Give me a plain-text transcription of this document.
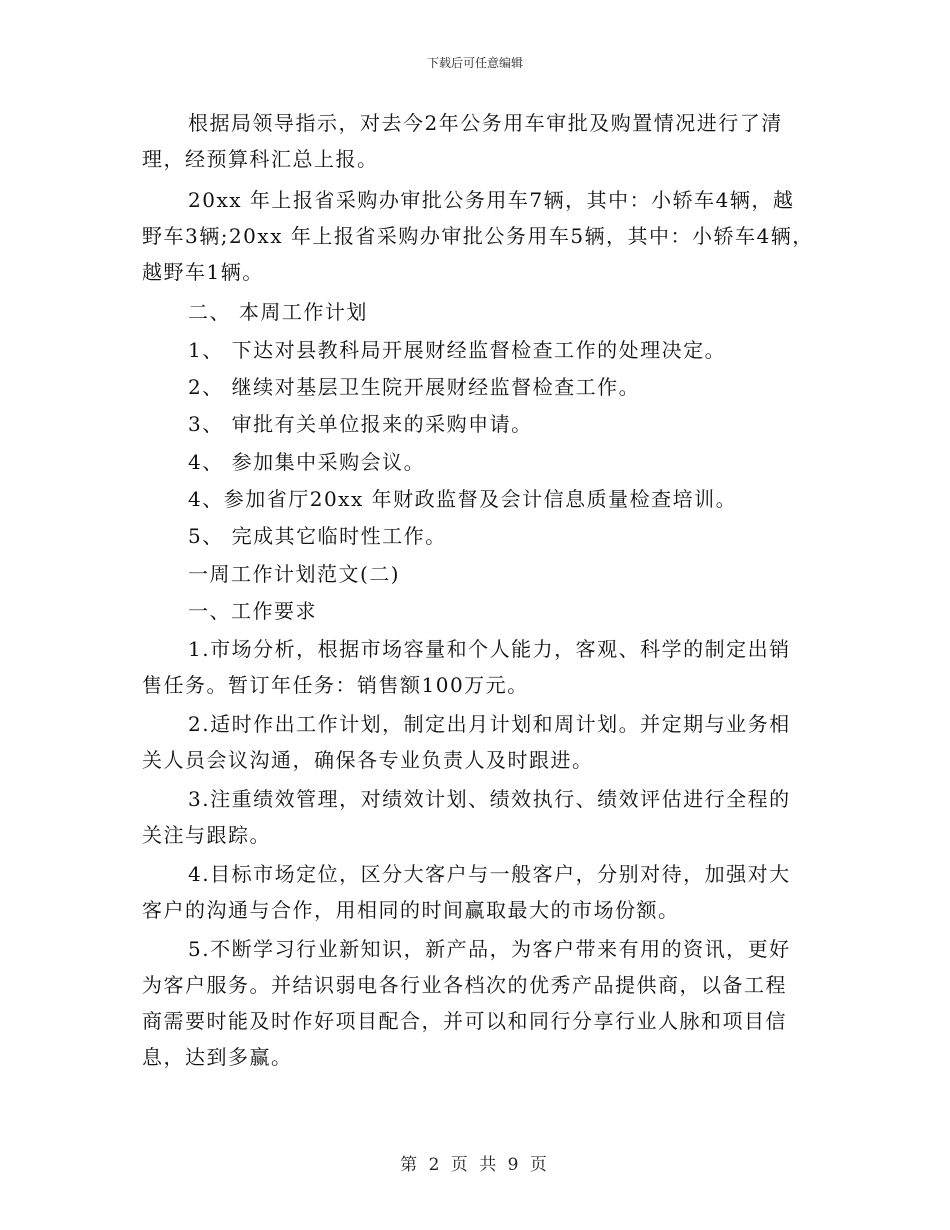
下载后可任意编辑
根据局领导指示，对去今2年公务用车审批及购置情况进行了清
理，经预算科汇总上报。
20xx 年上报省采购办审批公务用车7辆，其中：小轿车4辆，越
野车3辆;20xx 年上报省采购办审批公务用车5辆，其中：小轿车4辆，
越野车1辆。
二、 本周工作计划
1、 下达对县教科局开展财经监督检查工作的处理决定。
2、 继续对基层卫生院开展财经监督检查工作。
3、 审批有关单位报来的采购申请。
4、 参加集中采购会议。
4、参加省厅20xx 年财政监督及会计信息质量检查培训。
5、 完成其它临时性工作。
一周工作计划范文(二)
一、工作要求
1.市场分析，根据市场容量和个人能力，客观、科学的制定出销
售任务。暂订年任务：销售额100万元。
2.适时作出工作计划，制定出月计划和周计划。并定期与业务相
关人员会议沟通，确保各专业负责人及时跟进。
3.注重绩效管理，对绩效计划、绩效执行、绩效评估进行全程的
关注与跟踪。
4.目标市场定位，区分大客户与一般客户，分别对待，加强对大
客户的沟通与合作，用相同的时间赢取最大的市场份额。
5.不断学习行业新知识，新产品，为客户带来有用的资讯，更好
为客户服务。并结识弱电各行业各档次的优秀产品提供商，以备工程
商需要时能及时作好项目配合，并可以和同行分享行业人脉和项目信
息，达到多赢。
第 2 页 共 9 页
